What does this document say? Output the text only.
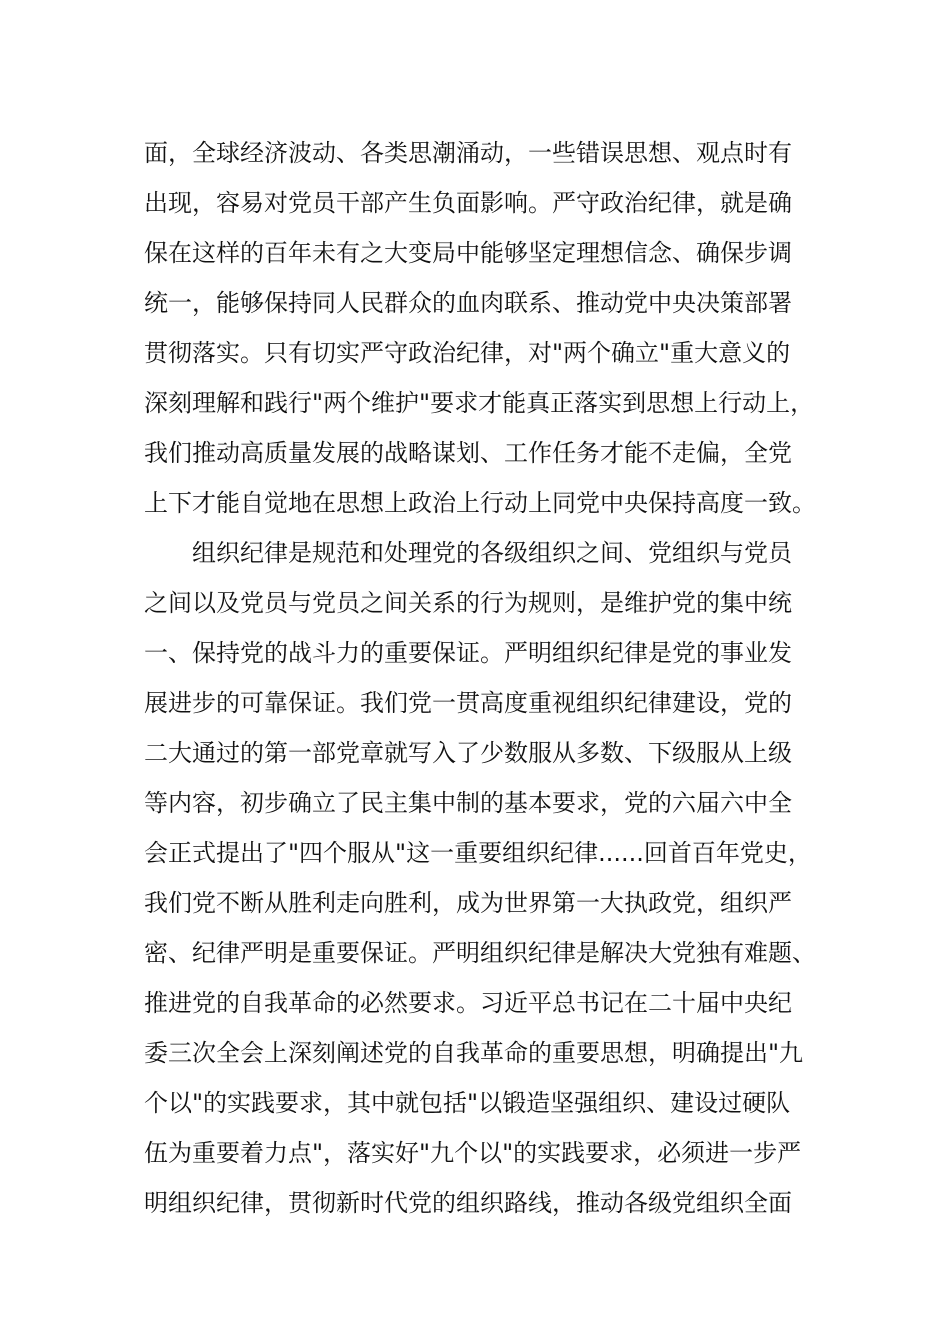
面，全球经济波动、各类思潮涌动，一些错误思想、观点时有
出现，容易对党员干部产生负面影响。严守政治纪律，就是确
保在这样的百年未有之大变局中能够坚定理想信念、确保步调
统一，能够保持同人民群众的血肉联系、推动党中央决策部署
贯彻落实。只有切实严守政治纪律，对"两个确立"重大意义的
深刻理解和践行"两个维护"要求才能真正落实到思想上行动上，
我们推动高质量发展的战略谋划、工作任务才能不走偏，全党
上下才能自觉地在思想上政治上行动上同党中央保持高度一致。
组织纪律是规范和处理党的各级组织之间、党组织与党员
之间以及党员与党员之间关系的行为规则，是维护党的集中统
一、保持党的战斗力的重要保证。严明组织纪律是党的事业发
展进步的可靠保证。我们党一贯高度重视组织纪律建设，党的
二大通过的第一部党章就写入了少数服从多数、下级服从上级
等内容，初步确立了民主集中制的基本要求，党的六届六中全
会正式提出了"四个服从"这一重要组织纪律......回首百年党史，
我们党不断从胜利走向胜利，成为世界第一大执政党，组织严
密、纪律严明是重要保证。严明组织纪律是解决大党独有难题、
推进党的自我革命的必然要求。习近平总书记在二十届中央纪
委三次全会上深刻阐述党的自我革命的重要思想，明确提出"九
个以"的实践要求，其中就包括"以锻造坚强组织、建设过硬队
伍为重要着力点"，落实好"九个以"的实践要求，必须进一步严
明组织纪律，贯彻新时代党的组织路线，推动各级党组织全面
